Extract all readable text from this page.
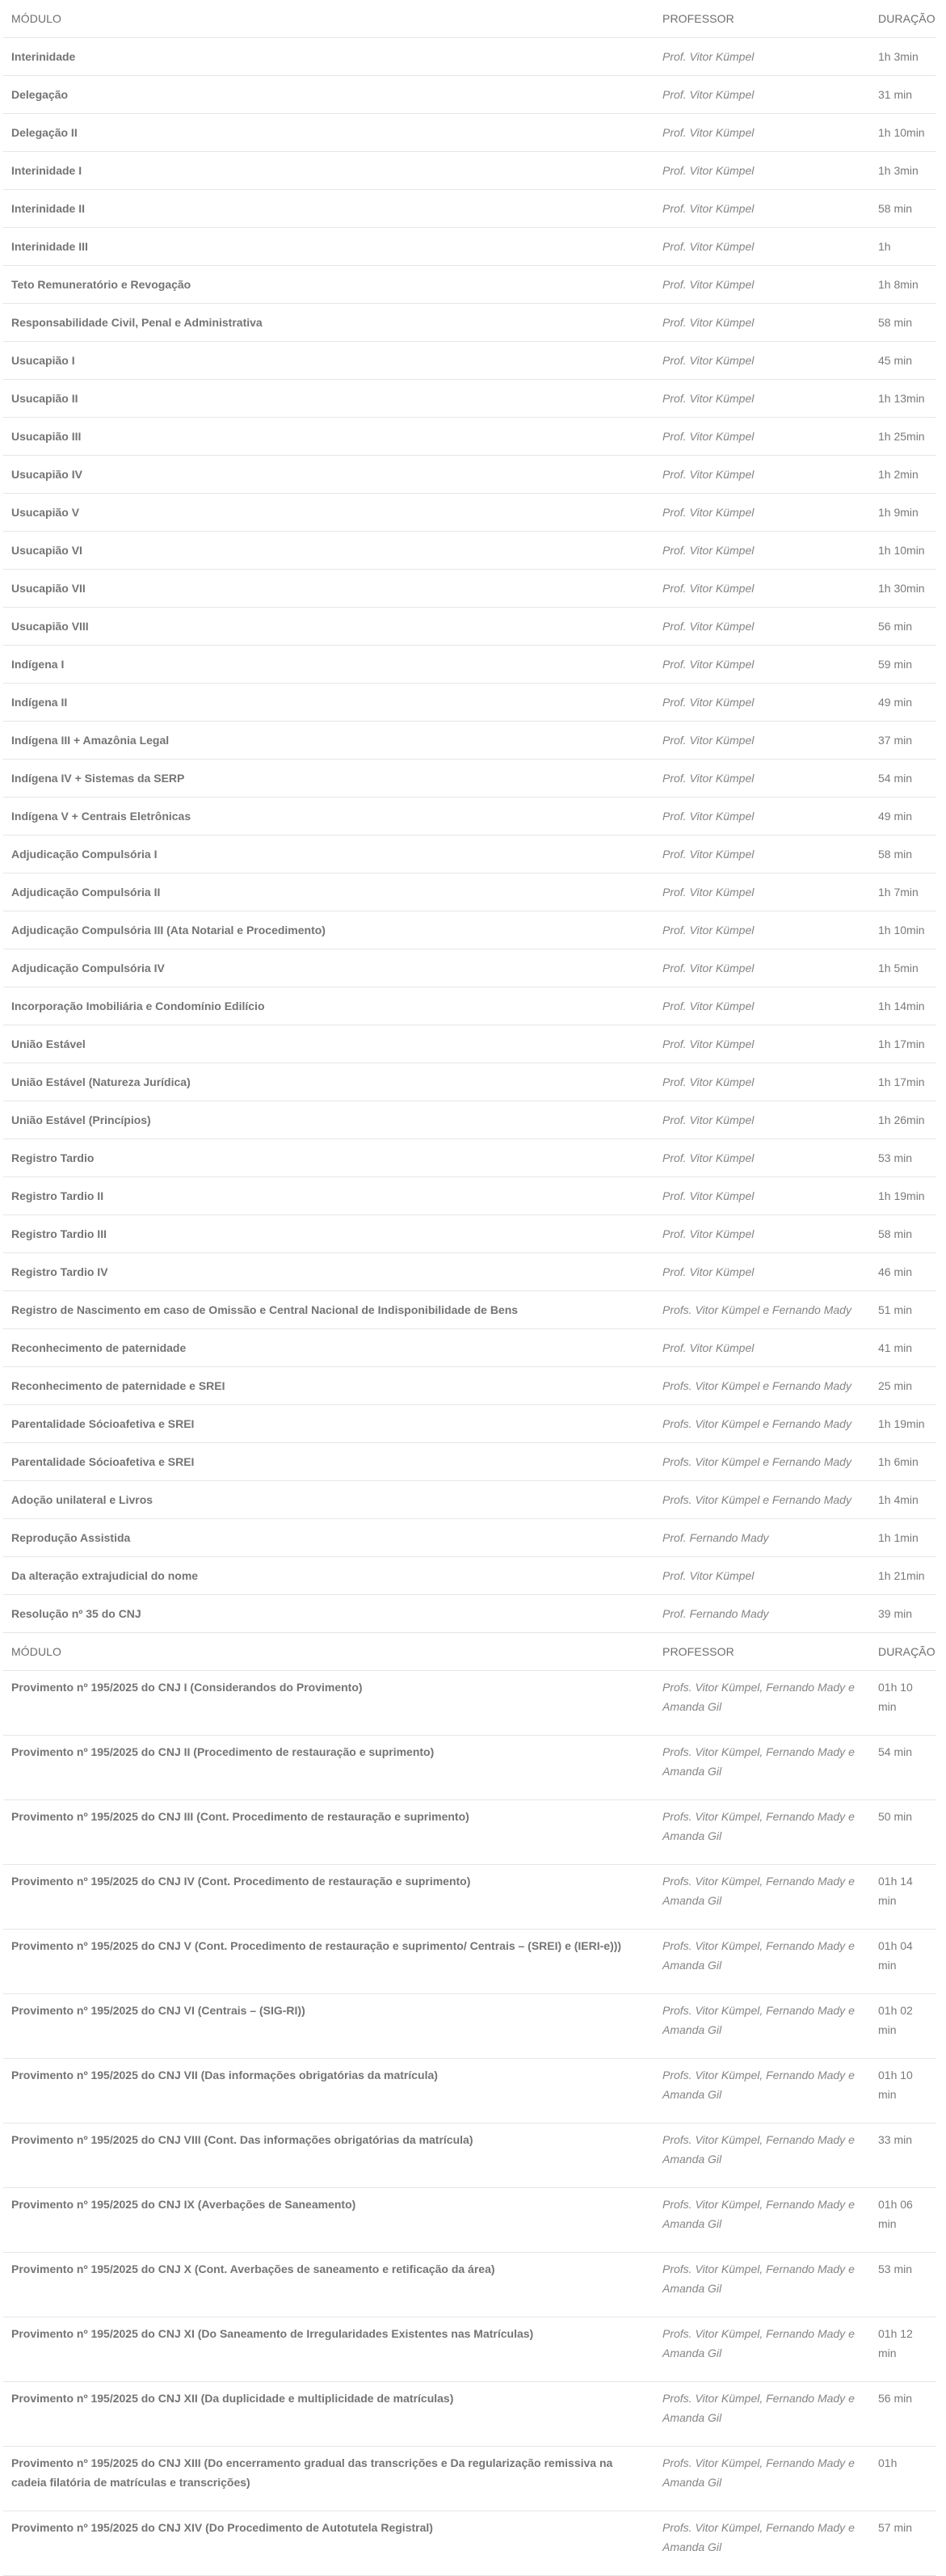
MÓDULO	PROFESSOR	DURAÇÃO
Interinidade	Prof. Vitor Kümpel	1h 3min
Delegação	Prof. Vitor Kümpel	31 min
Delegação II	Prof. Vitor Kümpel	1h 10min
Interinidade I	Prof. Vitor Kümpel	1h 3min
Interinidade II	Prof. Vitor Kümpel	58 min
Interinidade III	Prof. Vitor Kümpel	1h
Teto Remuneratório e Revogação	Prof. Vitor Kümpel	1h 8min
Responsabilidade Civil, Penal e Administrativa	Prof. Vitor Kümpel	58 min
Usucapião I	Prof. Vitor Kümpel	45 min
Usucapião II	Prof. Vitor Kümpel	1h 13min
Usucapião III	Prof. Vitor Kümpel	1h 25min
Usucapião IV	Prof. Vitor Kümpel	1h 2min
Usucapião V	Prof. Vitor Kümpel	1h 9min
Usucapião VI	Prof. Vitor Kümpel	1h 10min
Usucapião VII	Prof. Vitor Kümpel	1h 30min
Usucapião VIII	Prof. Vitor Kümpel	56 min
Indígena I	Prof. Vitor Kümpel	59 min
Indígena II	Prof. Vitor Kümpel	49 min
Indígena III + Amazônia Legal	Prof. Vitor Kümpel	37 min
Indígena IV + Sistemas da SERP	Prof. Vitor Kümpel	54 min
Indígena V + Centrais Eletrônicas	Prof. Vitor Kümpel	49 min
Adjudicação Compulsória I	Prof. Vitor Kümpel	58 min
Adjudicação Compulsória II	Prof. Vitor Kümpel	1h 7min
Adjudicação Compulsória III (Ata Notarial e Procedimento)	Prof. Vitor Kümpel	1h 10min
Adjudicação Compulsória IV	Prof. Vitor Kümpel	1h 5min
Incorporação Imobiliária e Condomínio Edilício	Prof. Vitor Kümpel	1h 14min
União Estável	Prof. Vitor Kümpel	1h 17min
União Estável (Natureza Jurídica)	Prof. Vitor Kümpel	1h 17min
União Estável (Princípios)	Prof. Vitor Kümpel	1h 26min
Registro Tardio	Prof. Vitor Kümpel	53 min
Registro Tardio II	Prof. Vitor Kümpel	1h 19min
Registro Tardio III	Prof. Vitor Kümpel	58 min
Registro Tardio IV	Prof. Vitor Kümpel	46 min
Registro de Nascimento em caso de Omissão e Central Nacional de Indisponibilidade de Bens	Profs. Vitor Kümpel e Fernando Mady	51 min
Reconhecimento de paternidade	Prof. Vitor Kümpel	41 min
Reconhecimento de paternidade e SREI	Profs. Vitor Kümpel e Fernando Mady	25 min
Parentalidade Sócioafetiva e SREI	Profs. Vitor Kümpel e Fernando Mady	1h 19min
Parentalidade Sócioafetiva e SREI	Profs. Vitor Kümpel e Fernando Mady	1h 6min
Adoção unilateral e Livros	Profs. Vitor Kümpel e Fernando Mady	1h 4min
Reprodução Assistida	Prof. Fernando Mady	1h 1min
Da alteração extrajudicial do nome	Prof. Vitor Kümpel	1h 21min
Resolução nº 35 do CNJ	Prof. Fernando Mady	39 min
MÓDULO	PROFESSOR	DURAÇÃO
Provimento nº 195/2025 do CNJ I (Considerandos do Provimento)	Profs. Vitor Kümpel, Fernando Mady e Amanda Gil	01h 10 min
Provimento nº 195/2025 do CNJ II (Procedimento de restauração e suprimento)	Profs. Vitor Kümpel, Fernando Mady e Amanda Gil	54 min
Provimento nº 195/2025 do CNJ III (Cont. Procedimento de restauração e suprimento)	Profs. Vitor Kümpel, Fernando Mady e Amanda Gil	50 min
Provimento nº 195/2025 do CNJ IV (Cont. Procedimento de restauração e suprimento)	Profs. Vitor Kümpel, Fernando Mady e Amanda Gil	01h 14 min
Provimento nº 195/2025 do CNJ V (Cont. Procedimento de restauração e suprimento/ Centrais – (SREI) e (IERI-e)))	Profs. Vitor Kümpel, Fernando Mady e Amanda Gil	01h 04 min
Provimento nº 195/2025 do CNJ VI (Centrais – (SIG-RI))	Profs. Vitor Kümpel, Fernando Mady e Amanda Gil	01h 02 min
Provimento nº 195/2025 do CNJ VII (Das informações obrigatórias da matrícula)	Profs. Vitor Kümpel, Fernando Mady e Amanda Gil	01h 10 min
Provimento nº 195/2025 do CNJ VIII (Cont. Das informações obrigatórias da matrícula)	Profs. Vitor Kümpel, Fernando Mady e Amanda Gil	33 min
Provimento nº 195/2025 do CNJ IX (Averbações de Saneamento)	Profs. Vitor Kümpel, Fernando Mady e Amanda Gil	01h 06 min
Provimento nº 195/2025 do CNJ X (Cont. Averbações de saneamento e retificação da área)	Profs. Vitor Kümpel, Fernando Mady e Amanda Gil	53 min
Provimento nº 195/2025 do CNJ XI (Do Saneamento de Irregularidades Existentes nas Matrículas)	Profs. Vitor Kümpel, Fernando Mady e Amanda Gil	01h 12 min
Provimento nº 195/2025 do CNJ XII (Da duplicidade e multiplicidade de matrículas)	Profs. Vitor Kümpel, Fernando Mady e Amanda Gil	56 min
Provimento nº 195/2025 do CNJ XIII (Do encerramento gradual das transcrições e Da regularização remissiva na cadeia filatória de matrículas e transcrições)	Profs. Vitor Kümpel, Fernando Mady e Amanda Gil	01h
Provimento nº 195/2025 do CNJ XIV (Do Procedimento de Autotutela Registral)	Profs. Vitor Kümpel, Fernando Mady e Amanda Gil	57 min
